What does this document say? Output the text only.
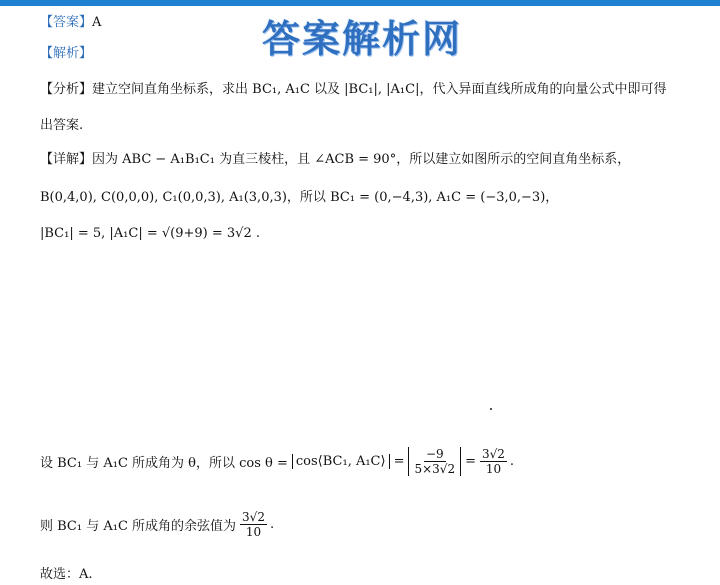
答案解析网
【答案】A
【解析】
【分析】建立空间直角坐标系，求出 BC₁, A₁C 以及 |BC₁|, |A₁C|，代入异面直线所成角的向量公式中即可得
出答案.
【详解】因为 ABC − A₁B₁C₁ 为直三棱柱，且 ∠ACB = 90°，所以建立如图所示的空间直角坐标系，
B(0,4,0), C(0,0,0), C₁(0,0,3), A₁(3,0,3)，所以 BC₁ = (0,−4,3), A₁C = (−3,0,−3)，
|BC₁| = 5, |A₁C| = √(9+9) = 3√2 .
设 BC₁ 与 A₁C 所成角为 θ，所以 cos θ = cos⟨BC₁, A₁C⟩ = $\frac{-9}{5\times 3√2} = \frac{3√2}{10}$ .
则 BC₁ 与 A₁C 所成角的余弦值为 $\frac{3√2}{10}$ .
故选：A.
